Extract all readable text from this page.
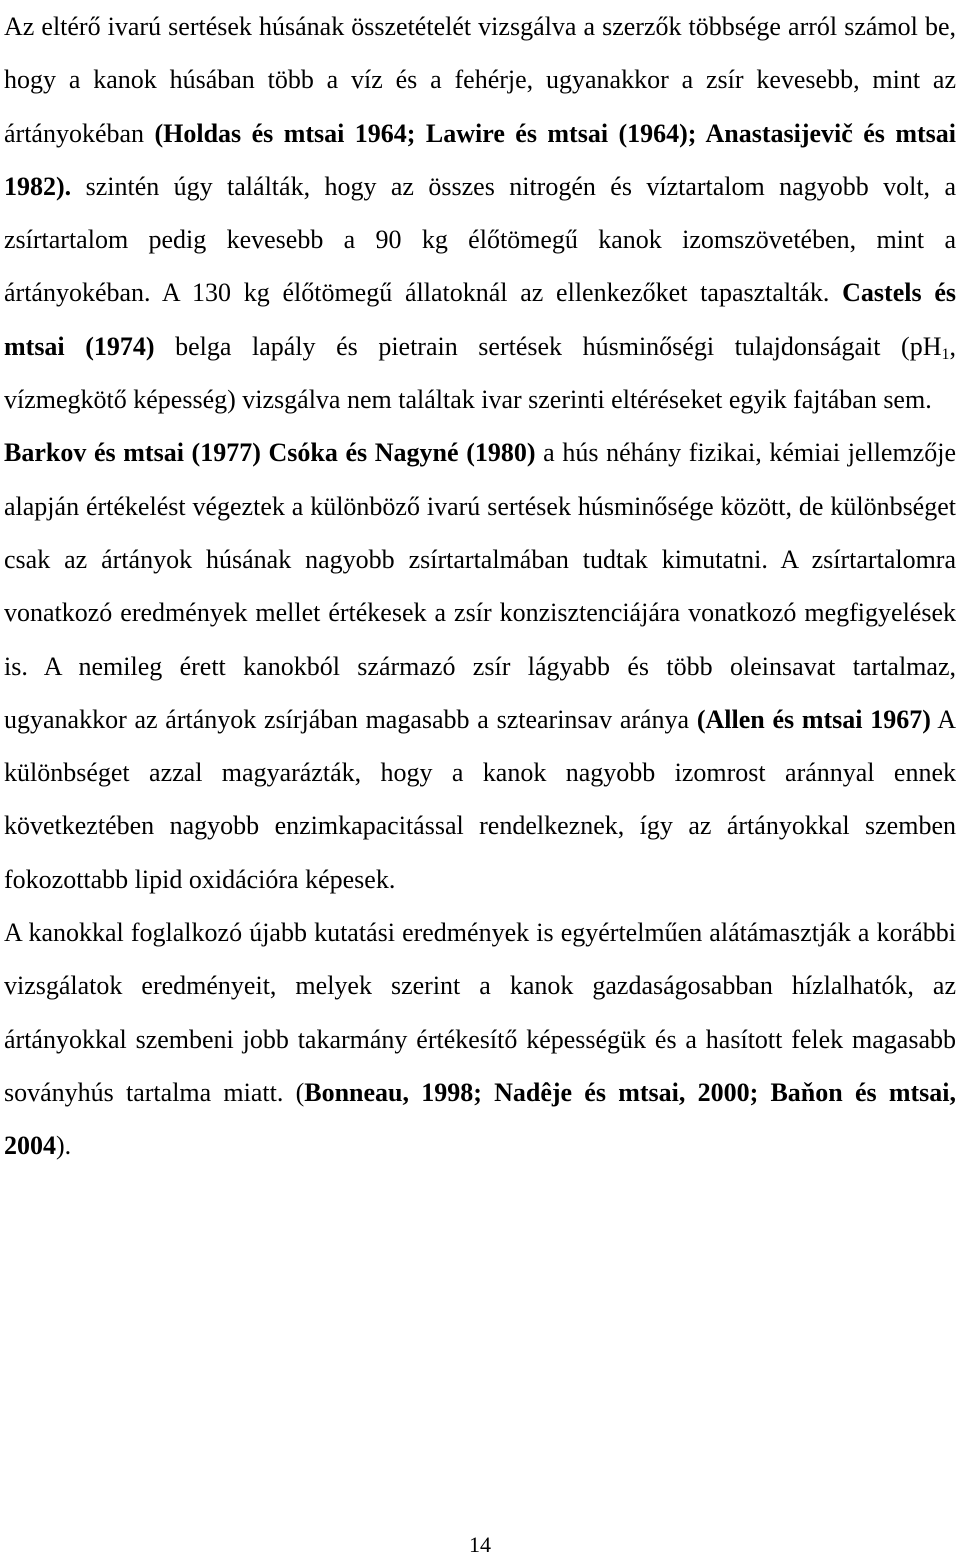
Az eltérő ivarú sertések húsának összetételét vizsgálva a szerzők többsége arról számol be, hogy a kanok húsában több a víz és a fehérje, ugyanakkor a zsír kevesebb, mint az ártányokéban (Holdas és mtsai 1964; Lawire és mtsai (1964); Anastasijevič és mtsai 1982). szintén úgy találták, hogy az összes nitrogén és víztartalom nagyobb volt, a zsírtartalom pedig kevesebb a 90 kg élőtömegű kanok izomszövetében, mint a ártányokéban. A 130 kg élőtömegű állatoknál az ellenkezőket tapasztalták. Castels és mtsai (1974) belga lapály és pietrain sertések húsminőségi tulajdonságait ($pH_1$, vízmegkötő képesség) vizsgálva nem találtak ivar szerinti eltéréseket egyik fajtában sem.

Barkov és mtsai (1977) Csóka és Nagyné (1980) a hús néhány fizikai, kémiai jellemzője alapján értékelést végeztek a különböző ivarú sertések húsminősége között, de különbséget csak az ártányok húsának nagyobb zsírtartalmában tudtak kimutatni. A zsírtartalomra vonatkozó eredmények mellet értékesek a zsír konzisztenciájára vonatkozó megfigyelések is. A nemileg érett kanokból származó zsír lágyabb és több oleinsavat tartalmaz, ugyanakkor az ártányok zsírjában magasabb a sztearinsav aránya (Allen és mtsai 1967) A különbséget azzal magyarázták, hogy a kanok nagyobb izomrost aránnyal ennek következtében nagyobb enzimkapacitással rendelkeznek, így az ártányokkal szemben fokozottabb lipid oxidációra képesek.

A kanokkal foglalkozó újabb kutatási eredmények is egyértelműen alátámasztják a korábbi vizsgálatok eredményeit, melyek szerint a kanok gazdaságosabban hízlalhatók, az ártányokkal szembeni jobb takarmány értékesítő képességük és a hasított felek magasabb soványhús tartalma miatt. (Bonneau, 1998; Nadêje és mtsai, 2000; Baňon és mtsai, 2004).

14
